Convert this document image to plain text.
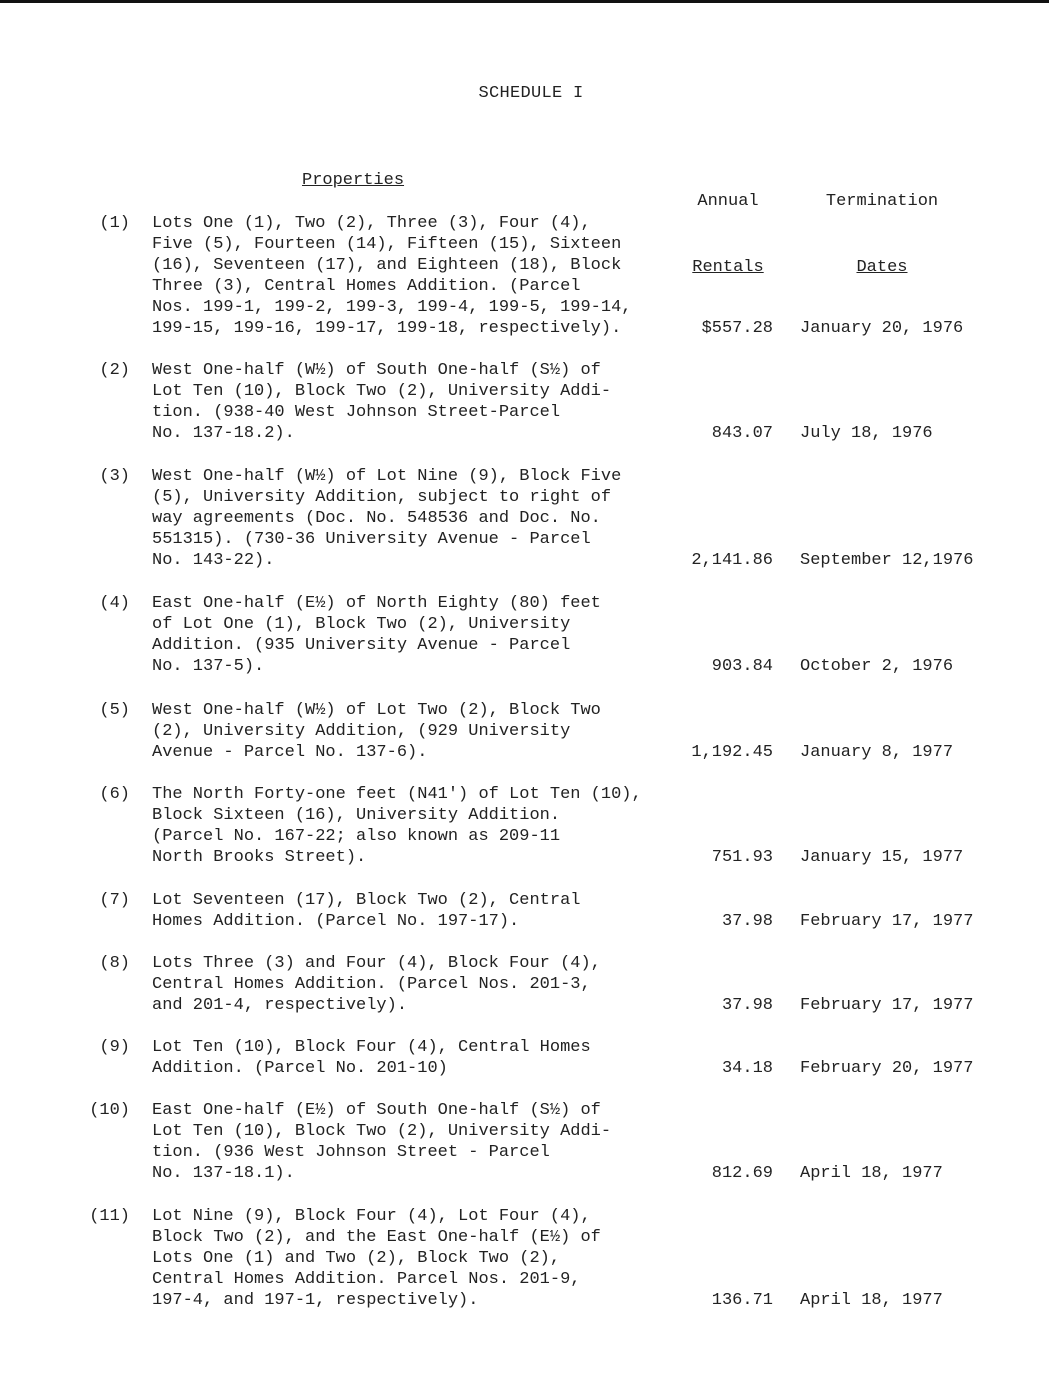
SCHEDULE I
Properties

Annual

Rentals

Termination

Dates

(1) Lots One (1), Two (2), Three (3), Four (4),
Five (5), Fourteen (14), Fifteen (15), Sixteen
(16), Seventeen (17), and Eighteen (18), Block
Three (3), Central Homes Addition. (Parcel
Nos. 199-1, 199-2, 199-3, 199-4, 199-5, 199-14,
199-15, 199-16, 199-17, 199-18, respectively).	$557.28 January 20, 1976
(2) West One-half (W½) of South One-half (S½) of
Lot Ten (10), Block Two (2), University Addi-
tion. (938-40 West Johnson Street-Parcel
No. 137-18.2).	843.07 July 18, 1976
(3) West One-half (W½) of Lot Nine (9), Block Five
(5), University Addition, subject to right of
way agreements (Doc. No. 548536 and Doc. No.
551315). (730-36 University Avenue - Parcel
No. 143-22).	2,141.86 September 12,1976
(4) East One-half (E½) of North Eighty (80) feet
of Lot One (1), Block Two (2), University
Addition. (935 University Avenue - Parcel
No. 137-5).	903.84 October 2, 1976
(5) West One-half (W½) of Lot Two (2), Block Two
(2), University Addition, (929 University
Avenue - Parcel No. 137-6).	1,192.45 January 8, 1977
(6) The North Forty-one feet (N41') of Lot Ten (10),
Block Sixteen (16), University Addition.
(Parcel No. 167-22; also known as 209-11
North Brooks Street).	751.93 January 15, 1977
(7) Lot Seventeen (17), Block Two (2), Central
Homes Addition. (Parcel No. 197-17).	37.98 February 17, 1977
(8) Lots Three (3) and Four (4), Block Four (4),
Central Homes Addition. (Parcel Nos. 201-3,
and 201-4, respectively).	37.98 February 17, 1977
(9) Lot Ten (10), Block Four (4), Central Homes
Addition. (Parcel No. 201-10)	34.18 February 20, 1977
(10) East One-half (E½) of South One-half (S½) of
Lot Ten (10), Block Two (2), University Addi-
tion. (936 West Johnson Street - Parcel
No. 137-18.1).	812.69 April 18, 1977
(11) Lot Nine (9), Block Four (4), Lot Four (4),
Block Two (2), and the East One-half (E½) of
Lots One (1) and Two (2), Block Two (2),
Central Homes Addition. Parcel Nos. 201-9,
197-4, and 197-1, respectively).	136.71 April 18, 1977
